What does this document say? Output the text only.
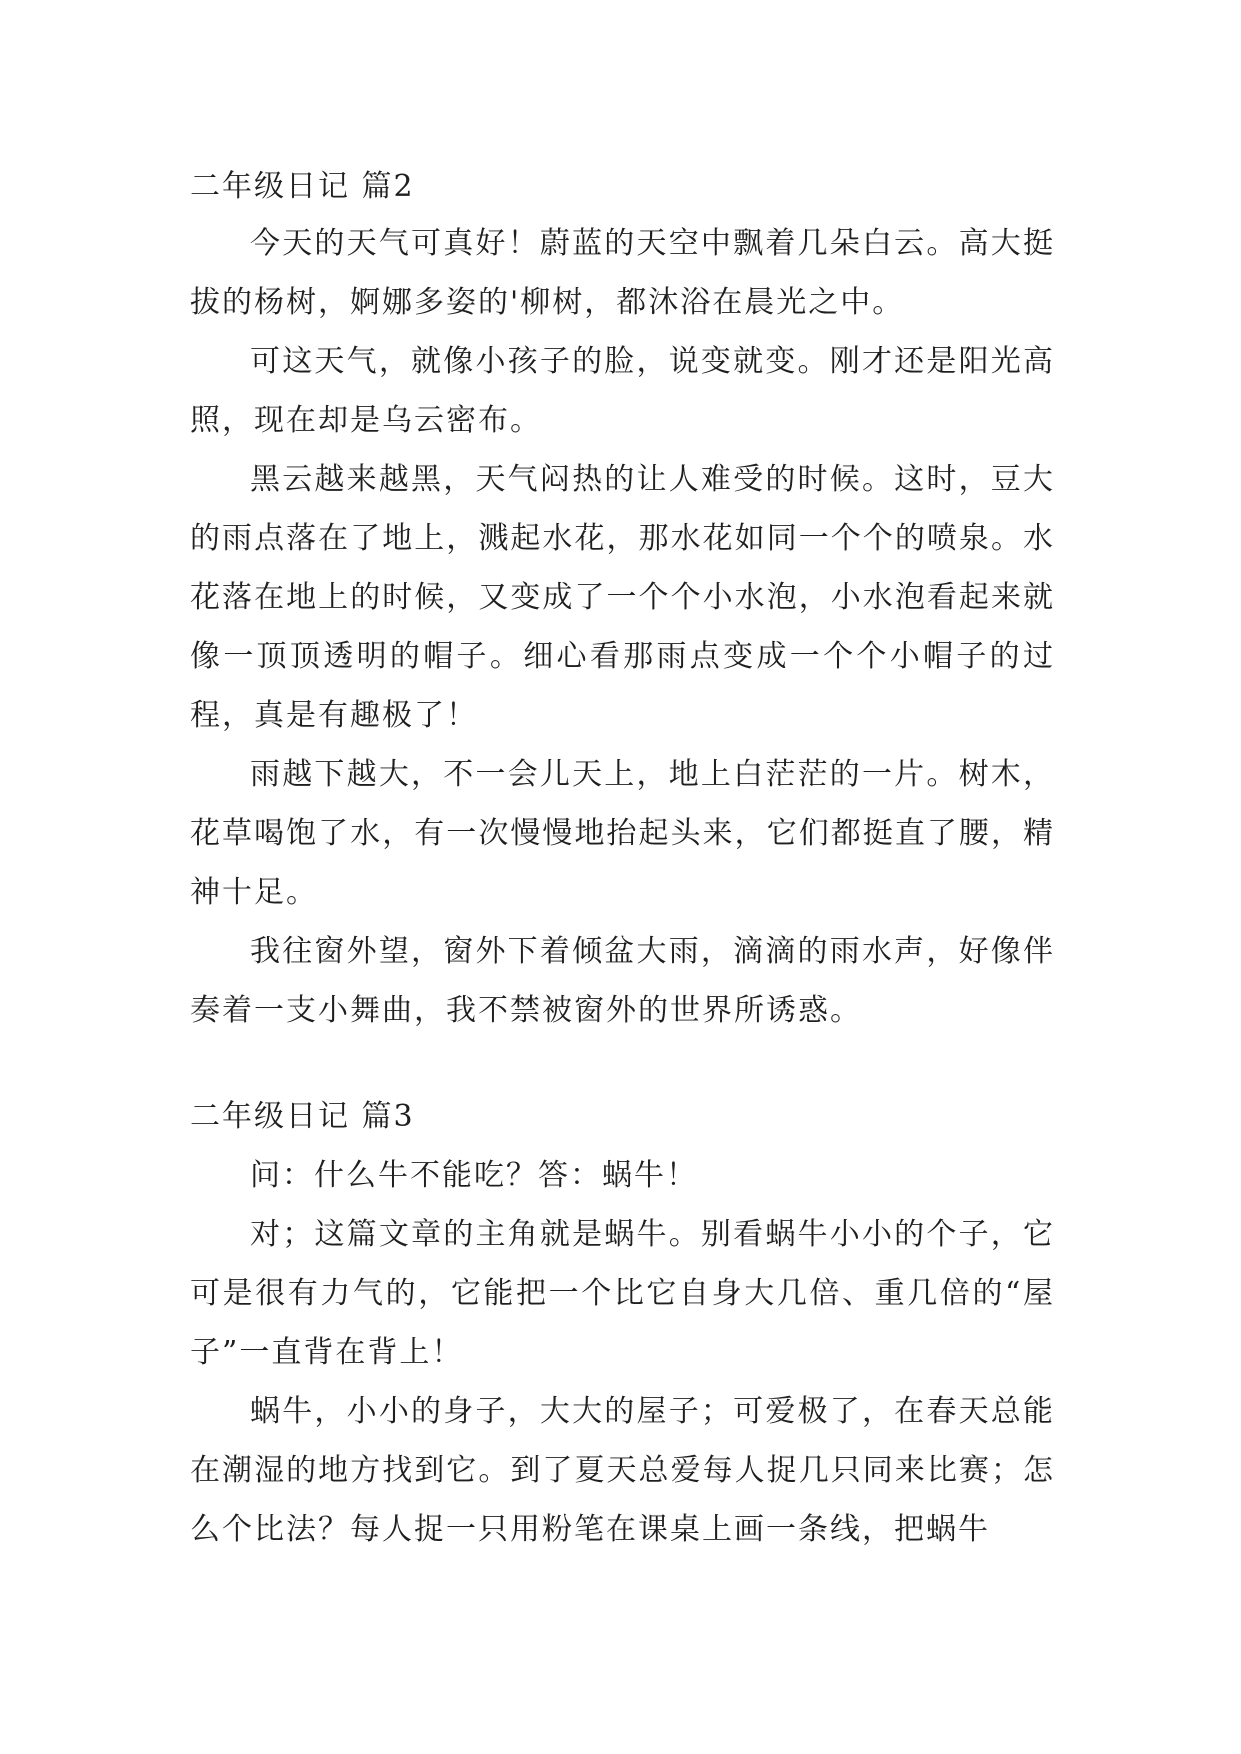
二年级日记 篇2

今天的天气可真好！蔚蓝的天空中飘着几朵白云。高大挺拔的杨树，婀娜多姿的'柳树，都沐浴在晨光之中。

可这天气，就像小孩子的脸，说变就变。刚才还是阳光高照，现在却是乌云密布。

黑云越来越黑，天气闷热的让人难受的时候。这时，豆大的雨点落在了地上，溅起水花，那水花如同一个个的喷泉。水花落在地上的时候，又变成了一个个小水泡，小水泡看起来就像一顶顶透明的帽子。细心看那雨点变成一个个小帽子的过程，真是有趣极了！

雨越下越大，不一会儿天上，地上白茫茫的一片。树木，花草喝饱了水，有一次慢慢地抬起头来，它们都挺直了腰，精神十足。

我往窗外望，窗外下着倾盆大雨，滴滴的雨水声，好像伴奏着一支小舞曲，我不禁被窗外的世界所诱惑。

二年级日记 篇3

问：什么牛不能吃？答：蜗牛！

对；这篇文章的主角就是蜗牛。别看蜗牛小小的个子，它可是很有力气的，它能把一个比它自身大几倍、重几倍的“屋子”一直背在背上！

蜗牛，小小的身子，大大的屋子；可爱极了，在春天总能在潮湿的地方找到它。到了夏天总爱每人捉几只同来比赛；怎么个比法？每人捉一只用粉笔在课桌上画一条线，把蜗牛
